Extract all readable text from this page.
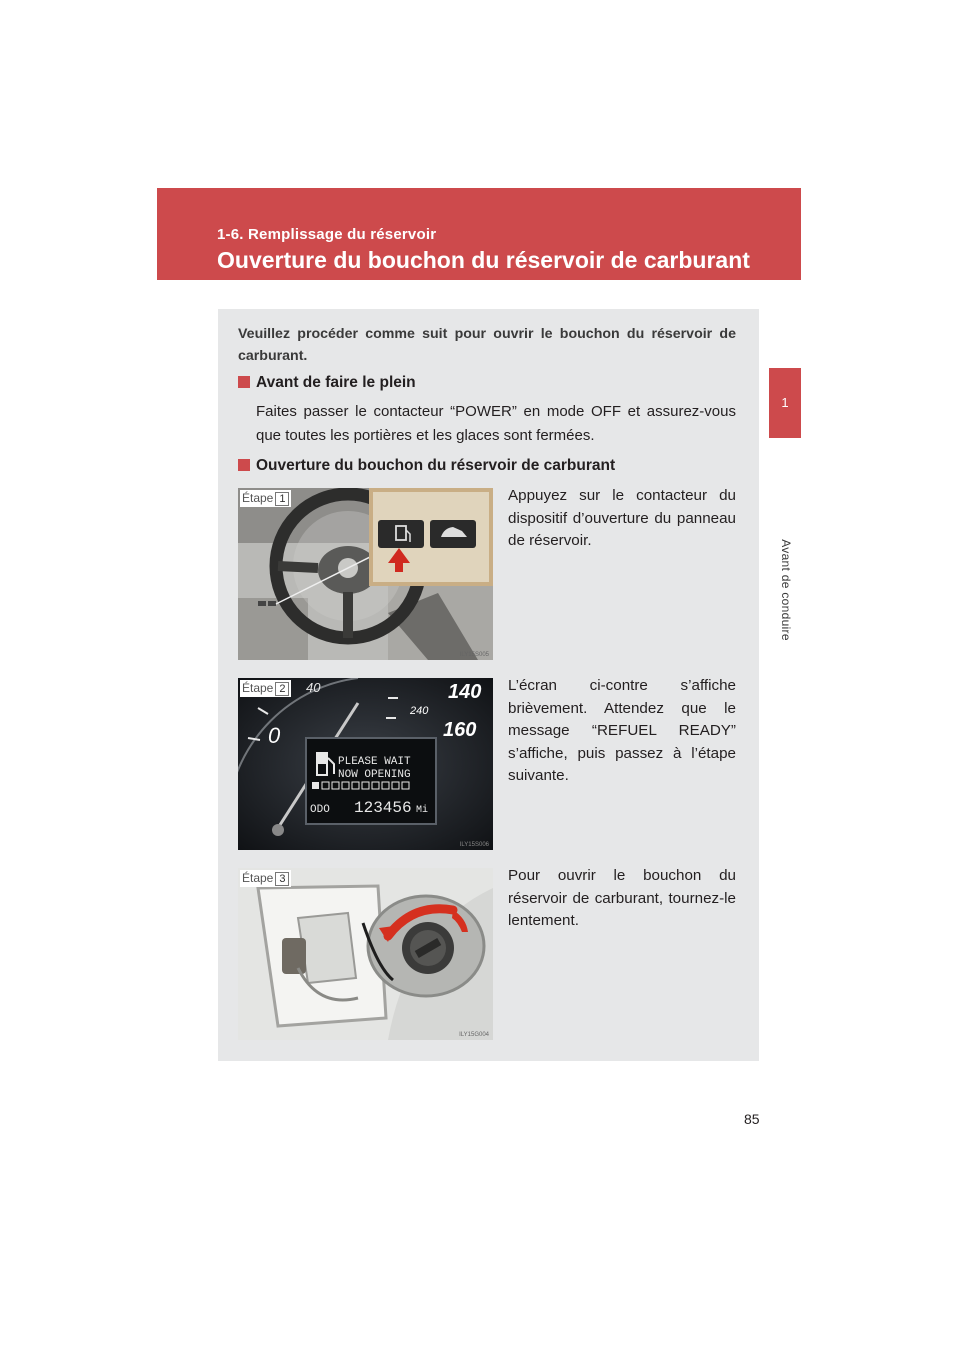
1-6. Remplissage du réservoir
Ouverture du bouchon du réservoir de carburant
1
Avant de conduire
Veuillez procéder comme suit pour ouvrir le bouchon du réservoir de carburant.
Avant de faire le plein
Faites passer le contacteur “POWER” en mode OFF et assurez-vous que toutes les portières et les glaces sont fermées.
Ouverture du bouchon du réservoir de carburant
Étape 1
ILY15S005
Appuyez sur le contacteur du dispositif d’ouverture du panneau de réservoir.
40
0
140
240
160
PLEASE WAIT
NOW OPENING
ODO 123456 Mi
Étape 2
ILY15S006
L’écran ci-contre s’affiche brièvement. Attendez que le message “REFUEL READY” s’affiche, puis passez à l’étape suivante.
Étape 3
ILY15G004
Pour ouvrir le bouchon du réservoir de carburant, tournez-le lentement.
85
